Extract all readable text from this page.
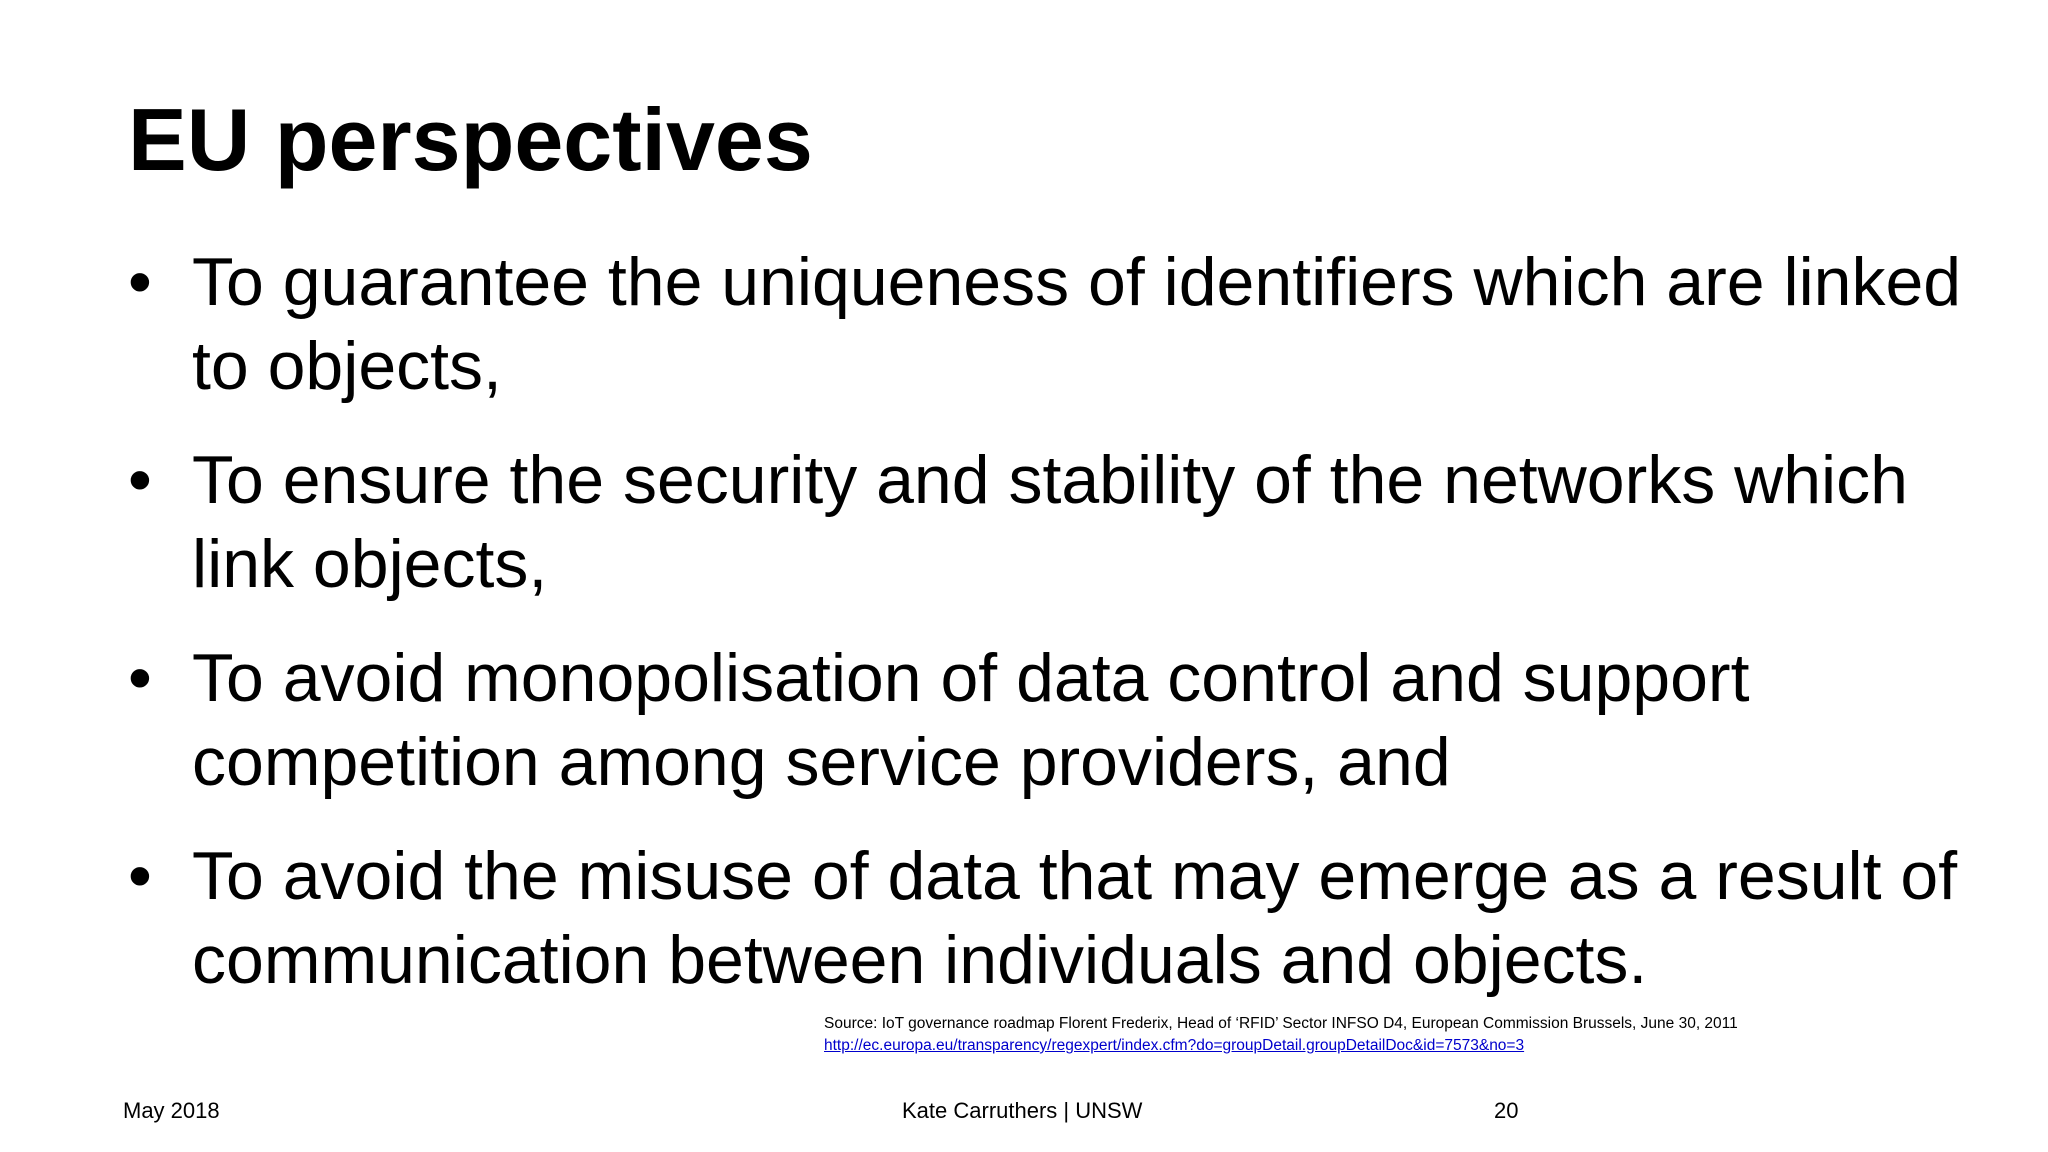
EU perspectives
• To guarantee the uniqueness of identifiers which are linked to objects,
• To ensure the security and stability of the networks which link objects,
• To avoid monopolisation of data control and support competition among service providers, and
• To avoid the misuse of data that may emerge as a result of communication between individuals and objects.
Source: IoT governance roadmap Florent Frederix, Head of ‘RFID’ Sector INFSO D4, European Commission Brussels, June 30, 2011
http://ec.europa.eu/transparency/regexpert/index.cfm?do=groupDetail.groupDetailDoc&id=7573&no=3
May 2018	Kate Carruthers | UNSW	20
